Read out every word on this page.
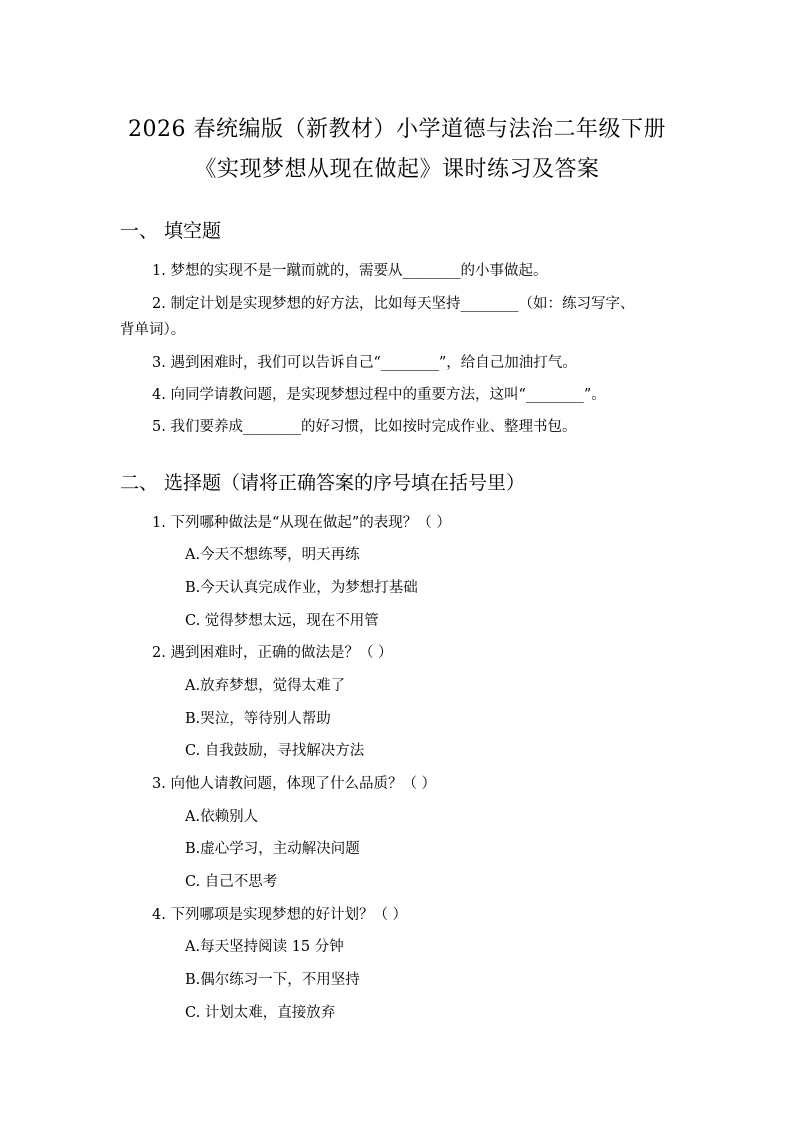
2026 春统编版（新教材）小学道德与法治二年级下册
《实现梦想从现在做起》课时练习及答案
一、 填空题
1. 梦想的实现不是一蹴而就的，需要从________的小事做起。
2. 制定计划是实现梦想的好方法，比如每天坚持________（如：练习写字、
背单词）。
3. 遇到困难时，我们可以告诉自己“________”，给自己加油打气。
4. 向同学请教问题，是实现梦想过程中的重要方法，这叫“________”。
5. 我们要养成________的好习惯，比如按时完成作业、整理书包。
二、 选择题（请将正确答案的序号填在括号里）
1. 下列哪种做法是“从现在做起”的表现？（ ）
A.今天不想练琴，明天再练
B.今天认真完成作业，为梦想打基础
C. 觉得梦想太远，现在不用管
2. 遇到困难时，正确的做法是？（ ）
A.放弃梦想，觉得太难了
B.哭泣，等待别人帮助
C. 自我鼓励，寻找解决方法
3. 向他人请教问题，体现了什么品质？（ ）
A.依赖别人
B.虚心学习，主动解决问题
C. 自己不思考
4. 下列哪项是实现梦想的好计划？（ ）
A.每天坚持阅读 15 分钟
B.偶尔练习一下，不用坚持
C. 计划太难，直接放弃
